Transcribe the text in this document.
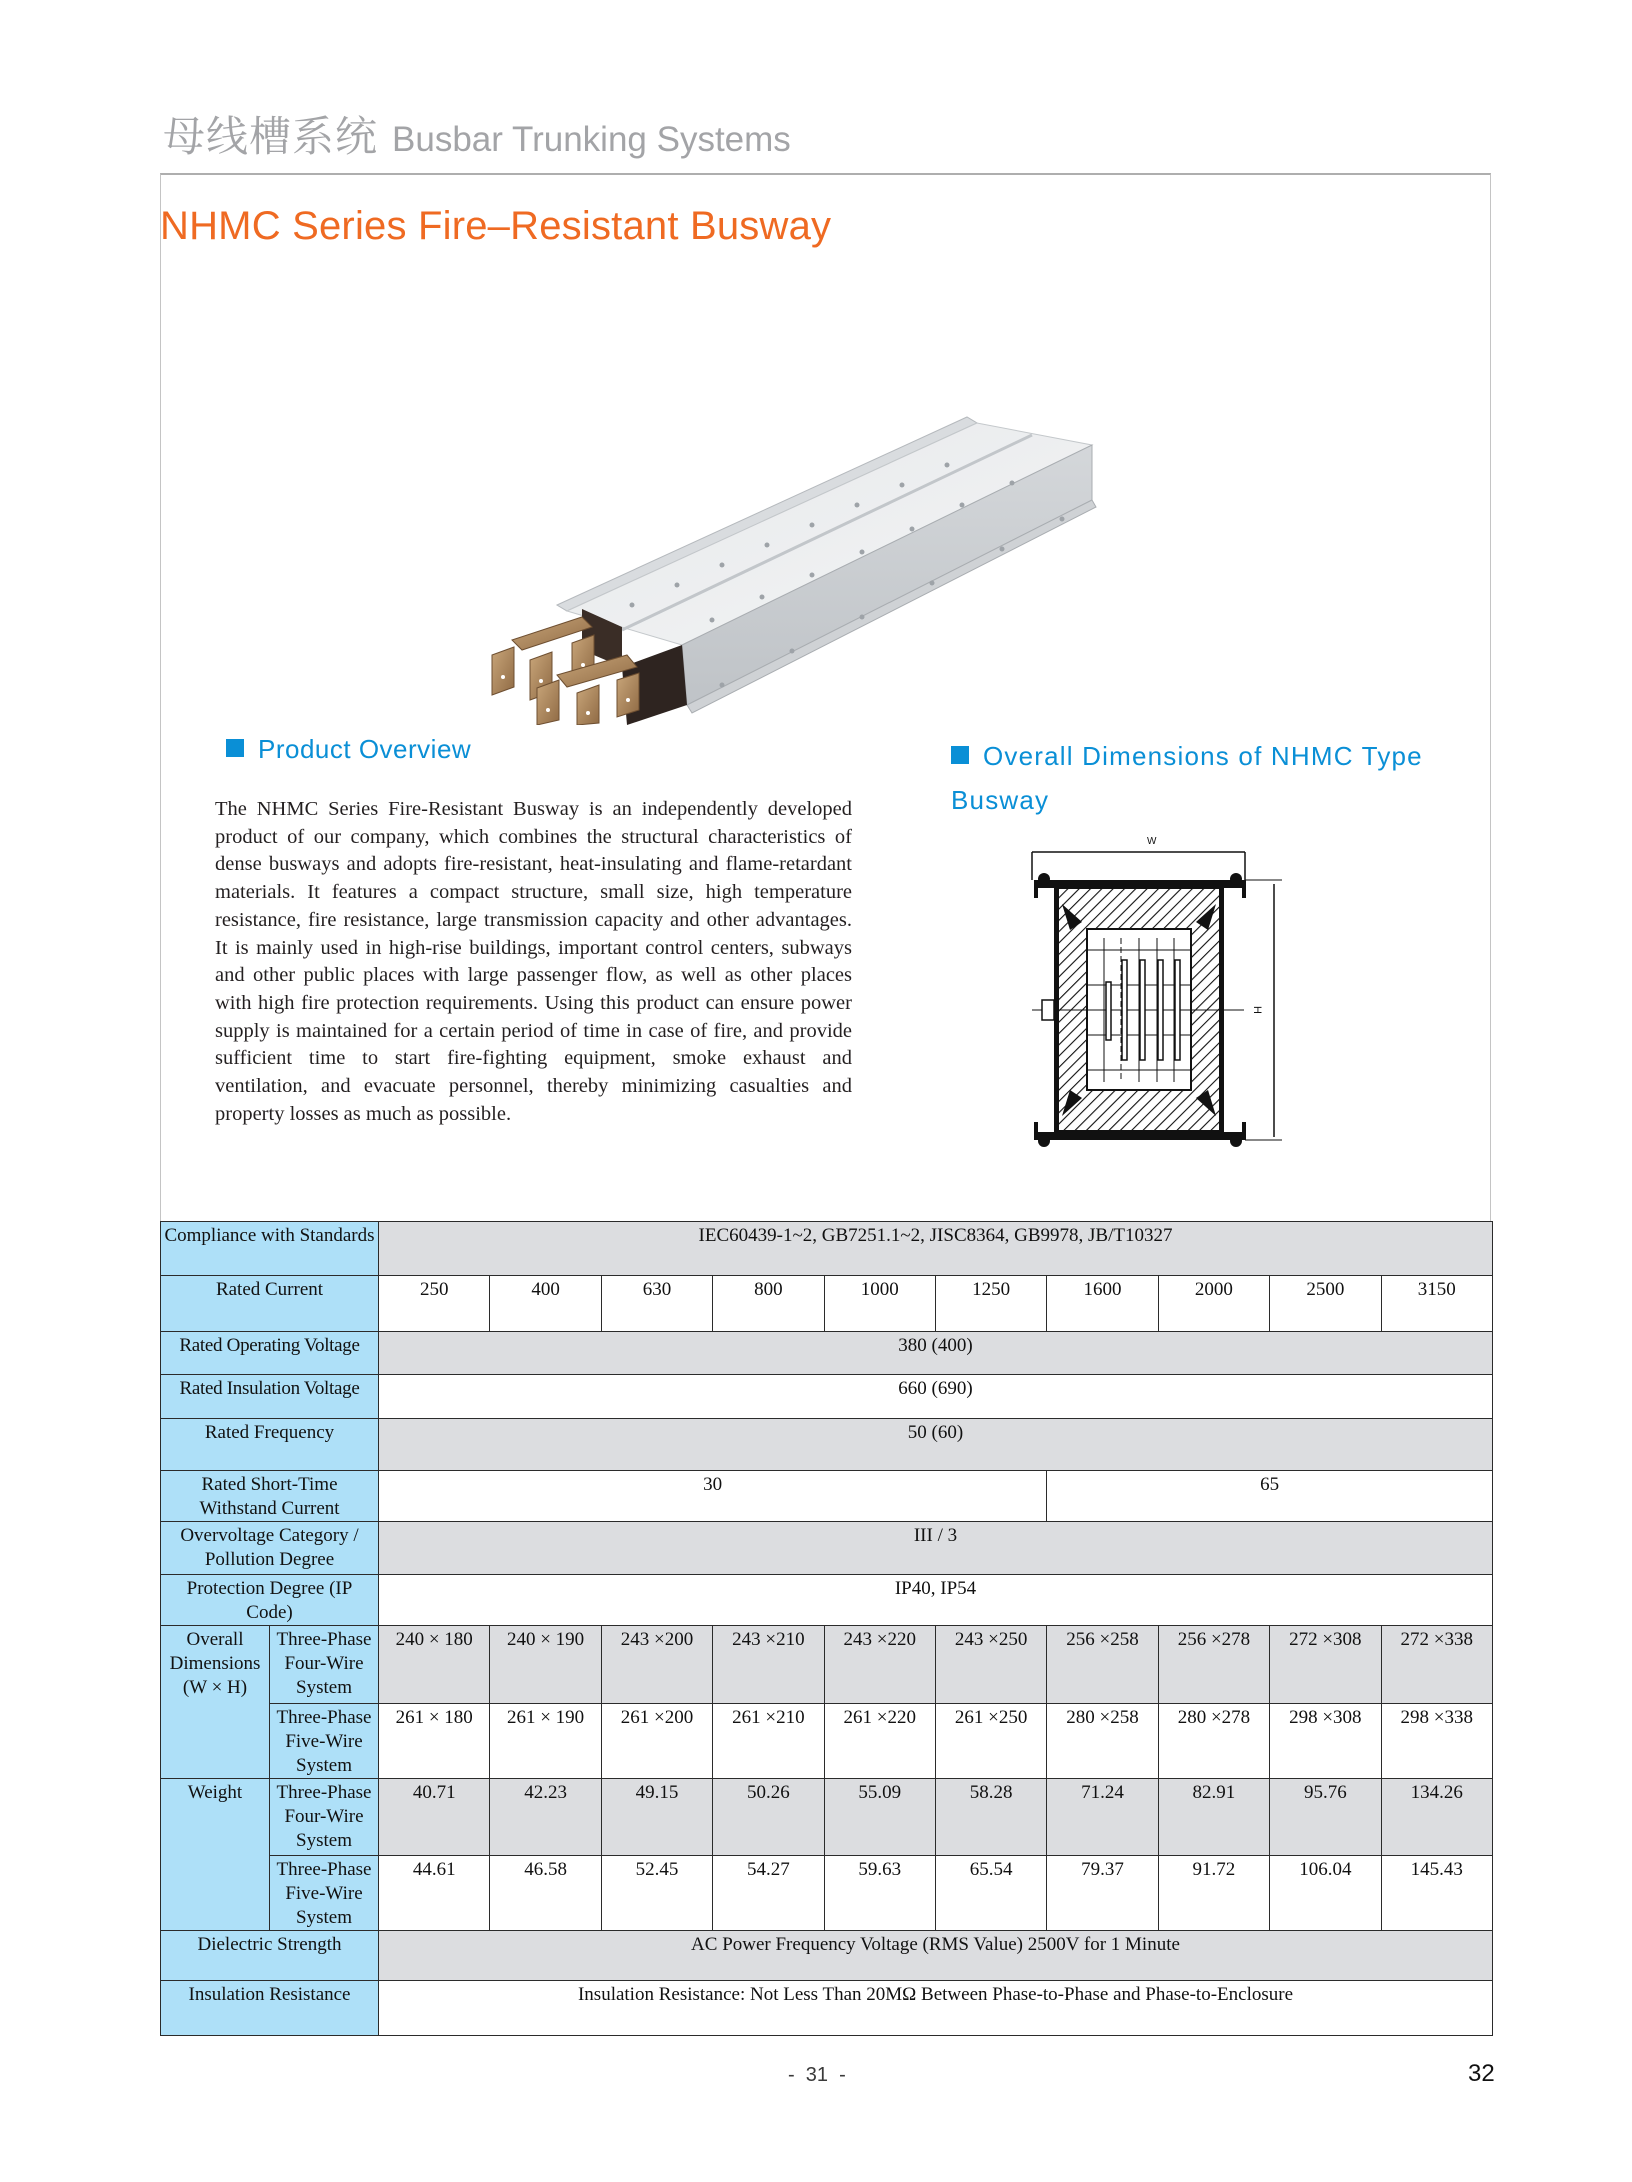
母线槽系统 Busbar Trunking Systems
NHMC Series Fire–Resistant Busway
Product Overview	Overall Dimensions of NHMC Type Busway
The NHMC Series Fire-Resistant Busway is an independently developed product of our company, which combines the structural characteristics of dense busways and adopts fire-resistant, heat-insulating and flame-retardant materials. It features a compact structure, small size, high temperature resistance, fire resistance, large transmission capacity and other advantages. It is mainly used in high-rise buildings, important control centers, subways and other public places with large passenger flow, as well as other places with high fire protection requirements. Using this product can ensure power supply is maintained for a certain period of time in case of fire, and provide sufficient time to start fire-fighting equipment, smoke exhaust and ventilation, and evacuate personnel, thereby minimizing casualties and property losses as much as possible.
W
H
Compliance with Standards		IEC60439-1~2, GB7251.1~2, JISC8364, GB9978, JB/T10327									
Rated Current		250	400	630	800	1000	1250	1600	2000	2500	3150
Rated Operating Voltage		380 (400)									
Rated Insulation Voltage		660 (690)									
Rated Frequency		50 (60)									
Rated Short-Time Withstand Current		30						65			
Overvoltage Category / Pollution Degree		III / 3									
Protection Degree (IP Code)		IP40, IP54									
Overall Dimensions (W × H)	Three-Phase Four-Wire System	240 × 180	240 × 190	243 ×200	243 ×210	243 ×220	243 ×250	256 ×258	256 ×278	272 ×308	272 ×338
	Three-Phase Five-Wire System	261 × 180	261 × 190	261 ×200	261 ×210	261 ×220	261 ×250	280 ×258	280 ×278	298 ×308	298 ×338
Weight	Three-Phase Four-Wire System	40.71	42.23	49.15	50.26	55.09	58.28	71.24	82.91	95.76	134.26
	Three-Phase Five-Wire System	44.61	46.58	52.45	54.27	59.63	65.54	79.37	91.72	106.04	145.43
Dielectric Strength		AC Power Frequency Voltage (RMS Value) 2500V for 1 Minute									
Insulation Resistance		Insulation Resistance: Not Less Than 20MΩ Between Phase-to-Phase and Phase-to-Enclosure									
-  31  -	32
